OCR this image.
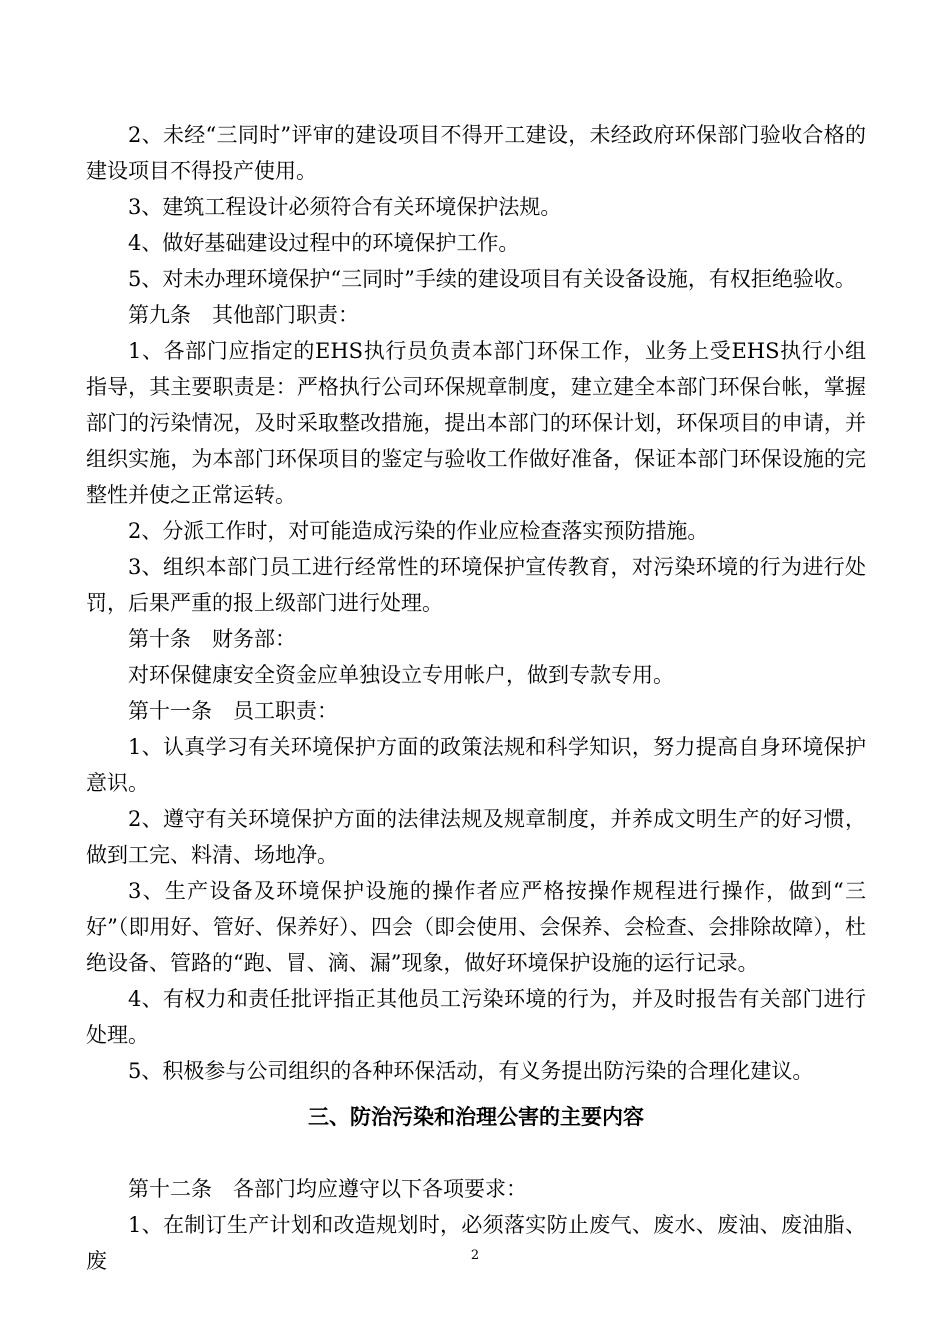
2、未经“三同时”评审的建设项目不得开工建设，未经政府环保部门验收合格的建设项目不得投产使用。

3、建筑工程设计必须符合有关环境保护法规。

4、做好基础建设过程中的环境保护工作。

5、对未办理环境保护“三同时”手续的建设项目有关设备设施，有权拒绝验收。

第九条　其他部门职责：

1、各部门应指定的EHS执行员负责本部门环保工作，业务上受EHS执行小组指导，其主要职责是：严格执行公司环保规章制度，建立建全本部门环保台帐，掌握部门的污染情况，及时采取整改措施，提出本部门的环保计划，环保项目的申请，并组织实施，为本部门环保项目的鉴定与验收工作做好准备，保证本部门环保设施的完整性并使之正常运转。

2、分派工作时，对可能造成污染的作业应检查落实预防措施。

3、组织本部门员工进行经常性的环境保护宣传教育，对污染环境的行为进行处罚，后果严重的报上级部门进行处理。

第十条　财务部：

对环保健康安全资金应单独设立专用帐户，做到专款专用。

第十一条　员工职责：

1、认真学习有关环境保护方面的政策法规和科学知识，努力提高自身环境保护意识。

2、遵守有关环境保护方面的法律法规及规章制度，并养成文明生产的好习惯，做到工完、料清、场地净。

3、生产设备及环境保护设施的操作者应严格按操作规程进行操作，做到“三好”（即用好、管好、保养好）、四会（即会使用、会保养、会检查、会排除故障），杜绝设备、管路的“跑、冒、滴、漏”现象，做好环境保护设施的运行记录。

4、有权力和责任批评指正其他员工污染环境的行为，并及时报告有关部门进行处理。

5、积极参与公司组织的各种环保活动，有义务提出防污染的合理化建议。

三、防治污染和治理公害的主要内容

第十二条　各部门均应遵守以下各项要求：

1、在制订生产计划和改造规划时，必须落实防止废气、废水、废油、废油脂、废	2
